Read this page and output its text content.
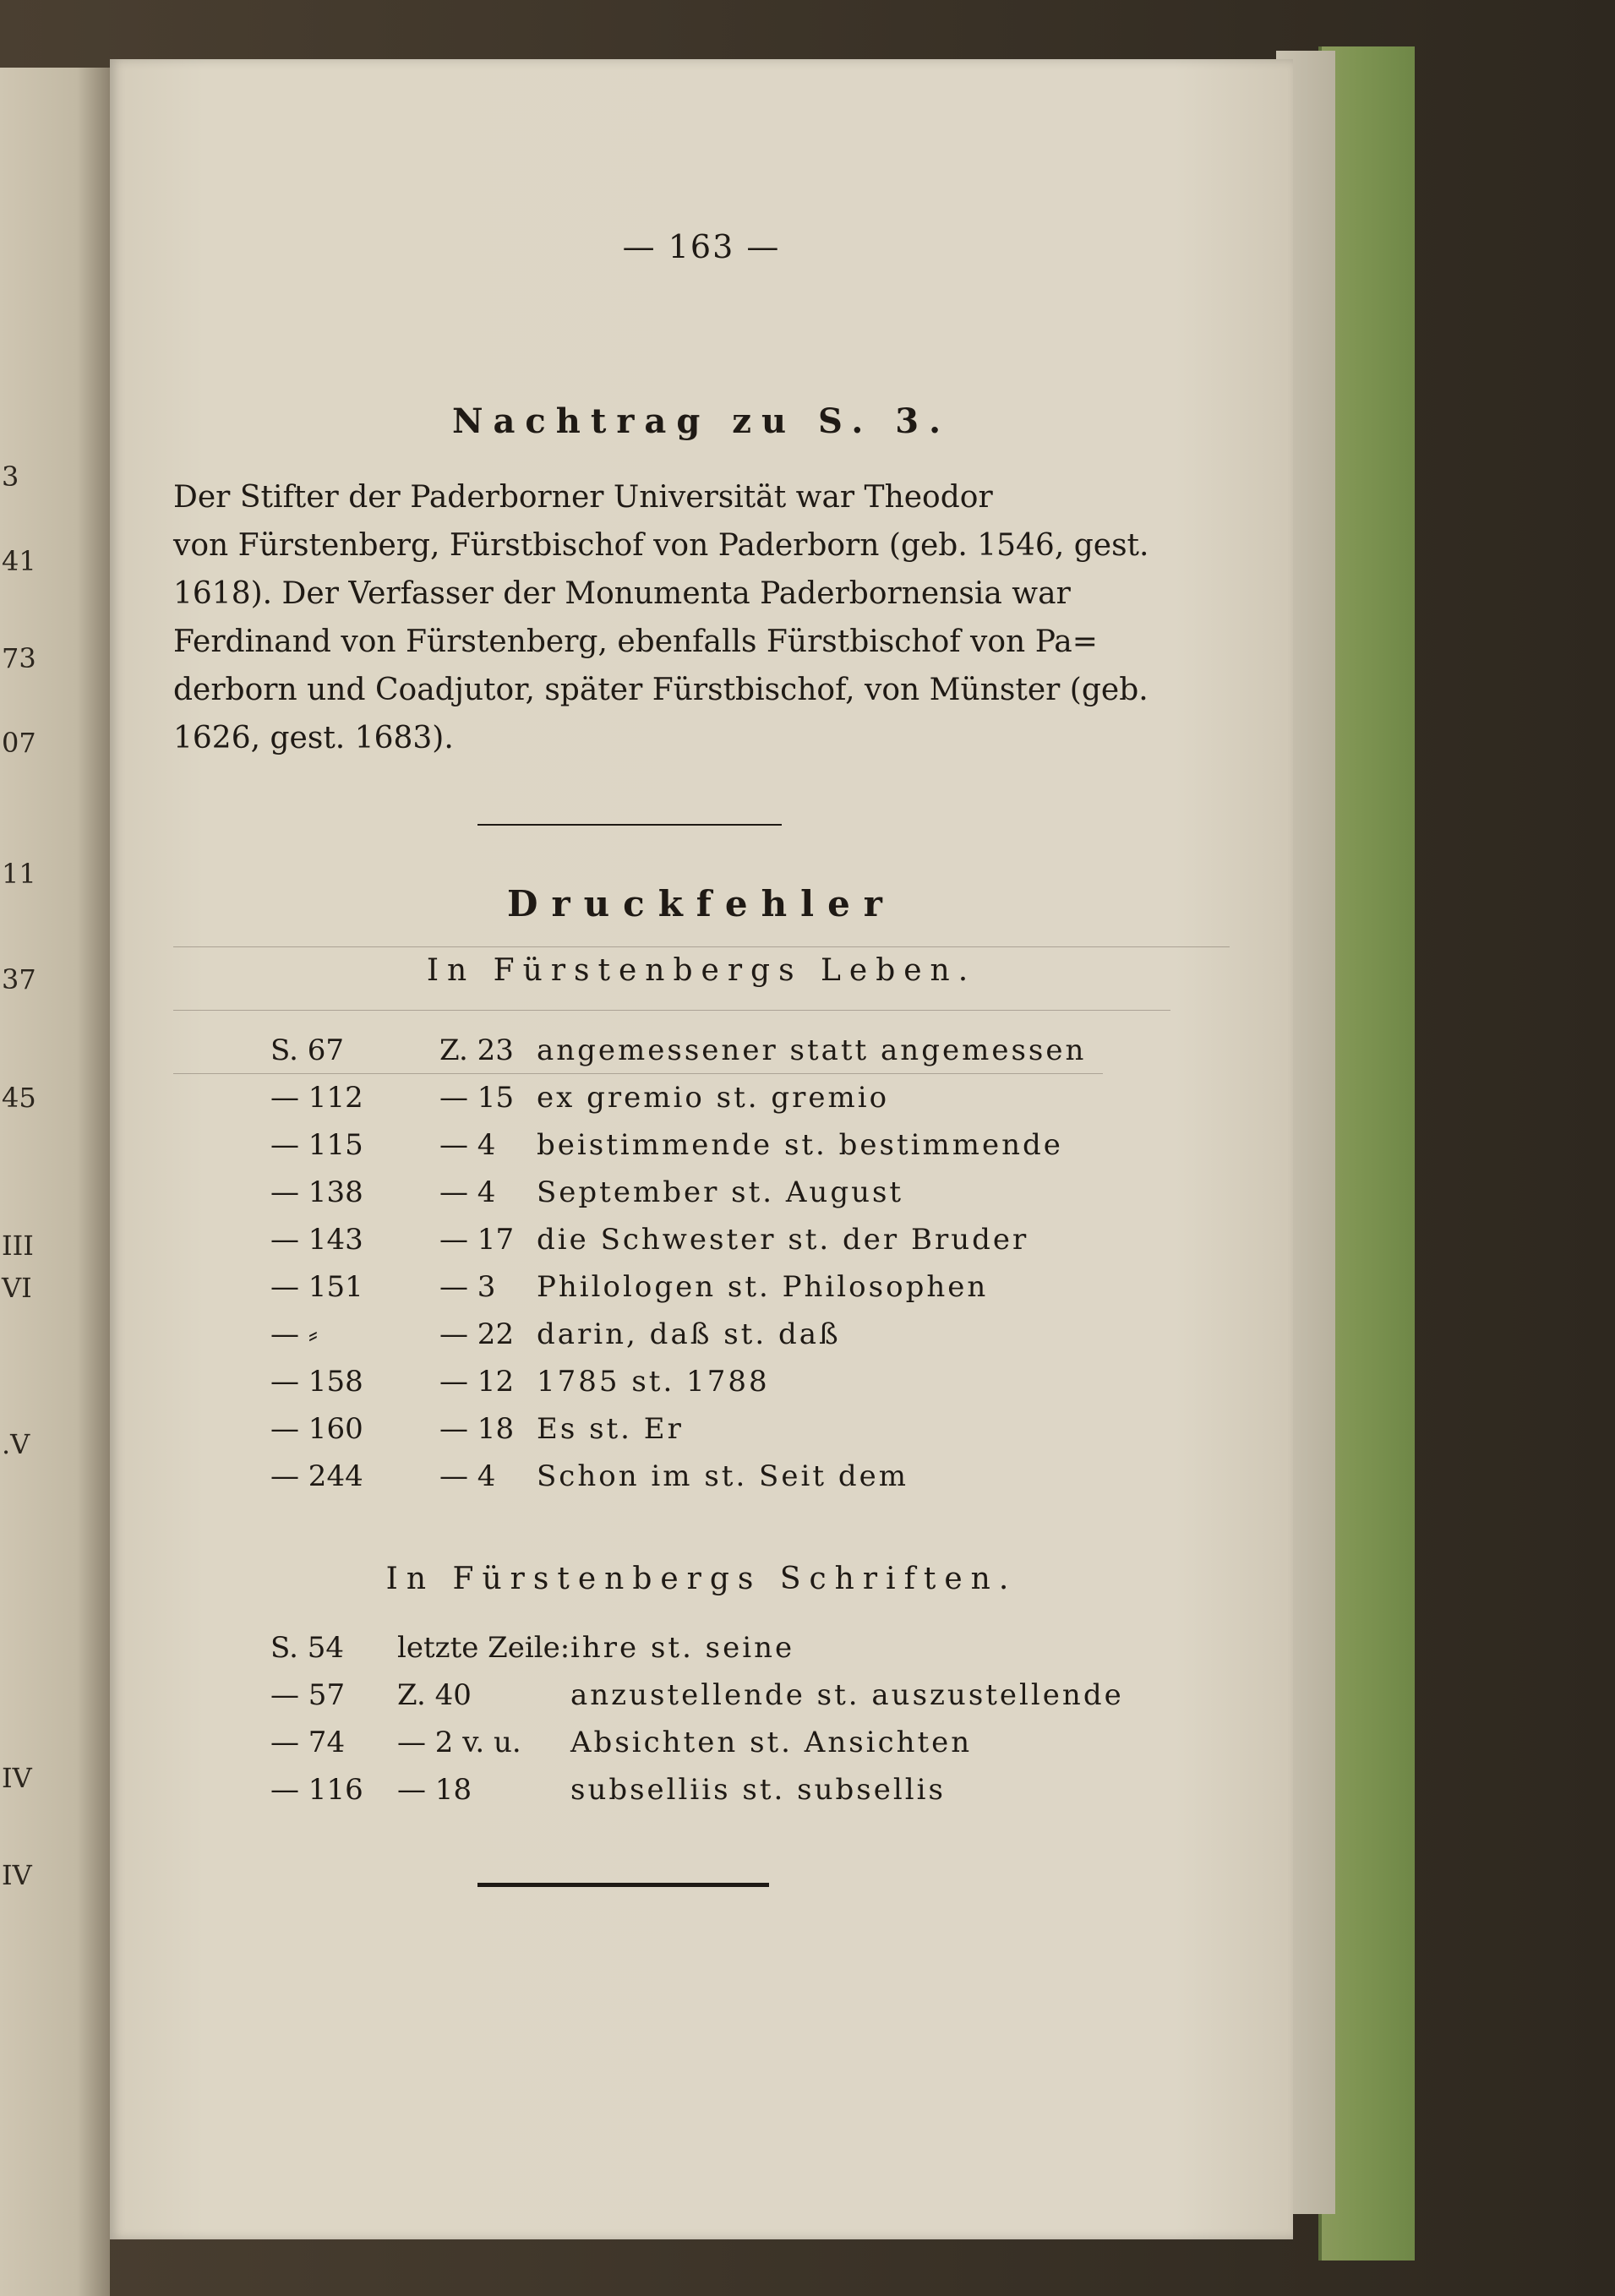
3
41
73
07
11
37
45
III
VI
.V
IV
IV
— 163 —
Nachtrag zu S. 3.
Der Stifter der Paderborner Universität war Theodor
von Fürstenberg, Fürstbischof von Paderborn (geb. 1546, gest.
1618). Der Verfasser der Monumenta Paderbornensia war
Ferdinand von Fürstenberg, ebenfalls Fürstbischof von Pa=
derborn und Coadjutor, später Fürstbischof, von Münster (geb.
1626, gest. 1683).
Druckfehler
In Fürstenbergs Leben.
S. 67	Z. 23 angemessener statt angemessen
— 112	— 15 ex gremio st. gremio
— 115	— 4	beistimmende st. bestimmende
— 138	— 4	September st. August
— 143	— 17 die Schwester st. der Bruder
— 151	— 3	Philologen st. Philosophen
— ⸗	— 22 darin, daß st. daß
— 158	— 12 1785 st. 1788
— 160	— 18 Es st. Er
— 244	— 4	Schon im st. Seit dem
In Fürstenbergs Schriften.
S. 54	letzte Zeile: ihre st. seine
— 57	Z. 40	anzustellende st. auszustellende
— 74	— 2 v. u.	Absichten st. Ansichten
— 116	— 18	subselliis st. subsellis
